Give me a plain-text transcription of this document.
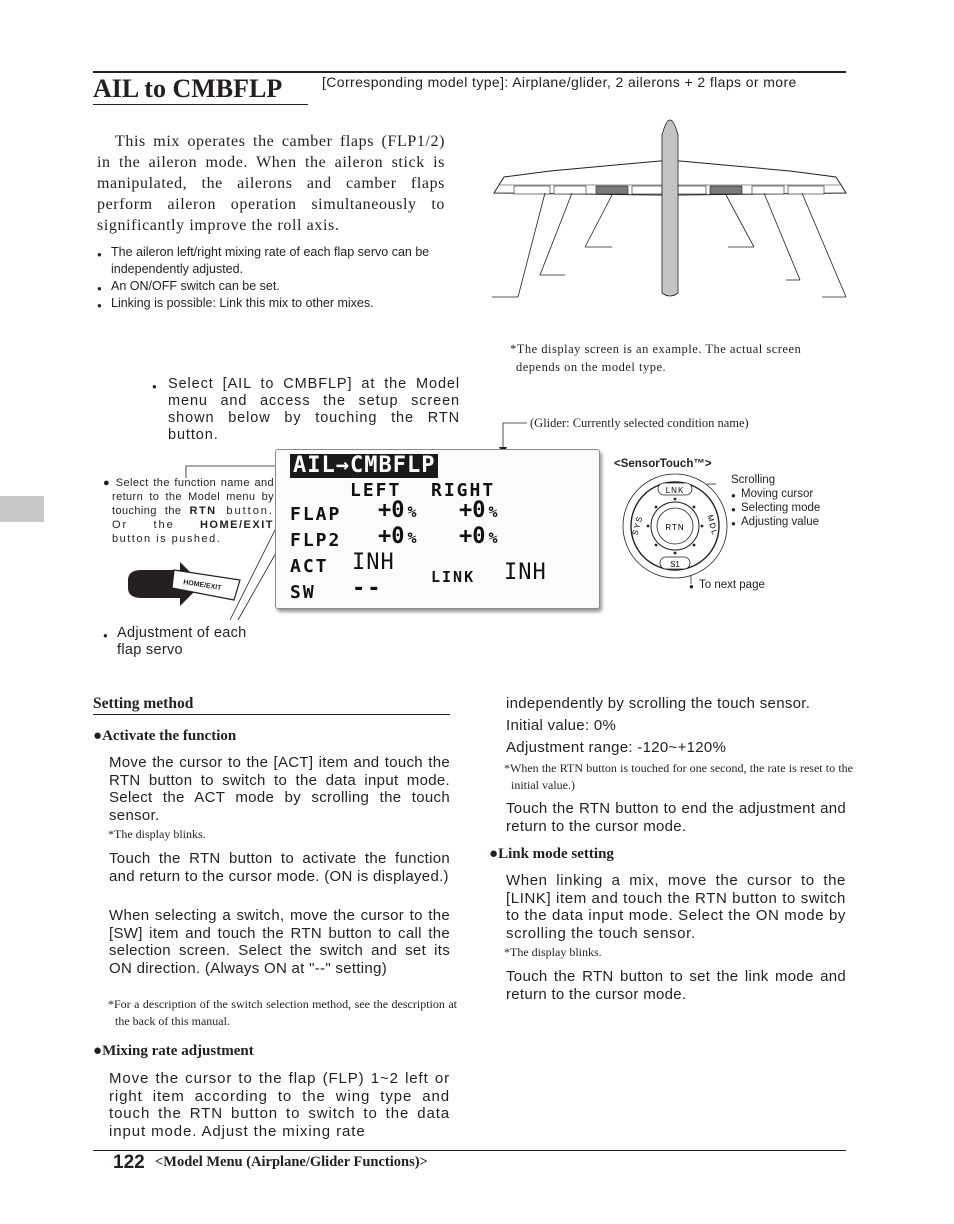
AIL to CMBFLP	[Corresponding model type]: Airplane/glider, 2 ailerons + 2 flaps or more

This mix operates the camber flaps (FLP1/2) in the aileron mode. When the aileron stick is manipulated, the ailerons and camber flaps perform aileron operation simultaneously to significantly improve the roll axis.

● The aileron left/right mixing rate of each flap servo can be independently adjusted.
● An ON/OFF switch can be set.
● Linking is possible: Link this mix to other mixes.

*The display screen is an example. The actual screen depends on the model type.

● Select [AIL to CMBFLP] at the Model menu and access the setup screen shown below by touching the RTN button.
(Glider: Currently selected condition name)

● Select the function name and return to the Model menu by touching the RTN button. Or the HOME/EXIT button is pushed.

HOME/EXIT
● Adjustment of each flap servo
AIL→CMBFLP
LEFT RIGHT
FLAP +0 % +0 %
FLP2 +0 % +0 %
ACT INH
LINK INH
SW --
<SensorTouch™>
LNK
S1
RTN
SYS	MDL
Scrolling
● Moving cursor
● Selecting mode
● Adjusting value
● To next page
Setting method
●Activate the function

Move the cursor to the [ACT] item and touch the RTN button to switch to the data input mode. Select the ACT mode by scrolling the touch sensor.

*The display blinks.

Touch the RTN button to activate the function and return to the cursor mode. (ON is displayed.)

When selecting a switch, move the cursor to the [SW] item and touch the RTN button to call the selection screen. Select the switch and set its ON direction. (Always ON at "--" setting)

*For a description of the switch selection method, see the description at the back of this manual.

●Mixing rate adjustment

Move the cursor to the flap (FLP) 1~2 left or right item according to the wing type and touch the RTN button to switch to the data input mode. Adjust the mixing rate

independently by scrolling the touch sensor.

Initial value: 0%

Adjustment range: -120~+120%

*When the RTN button is touched for one second, the rate is reset to the initial value.)

Touch the RTN button to end the adjustment and return to the cursor mode.

●Link mode setting

When linking a mix, move the cursor to the [LINK] item and touch the RTN button to switch to the data input mode. Select the ON mode by scrolling the touch sensor.

*The display blinks.

Touch the RTN button to set the link mode and return to the cursor mode.

122 <Model Menu (Airplane/Glider Functions)>
